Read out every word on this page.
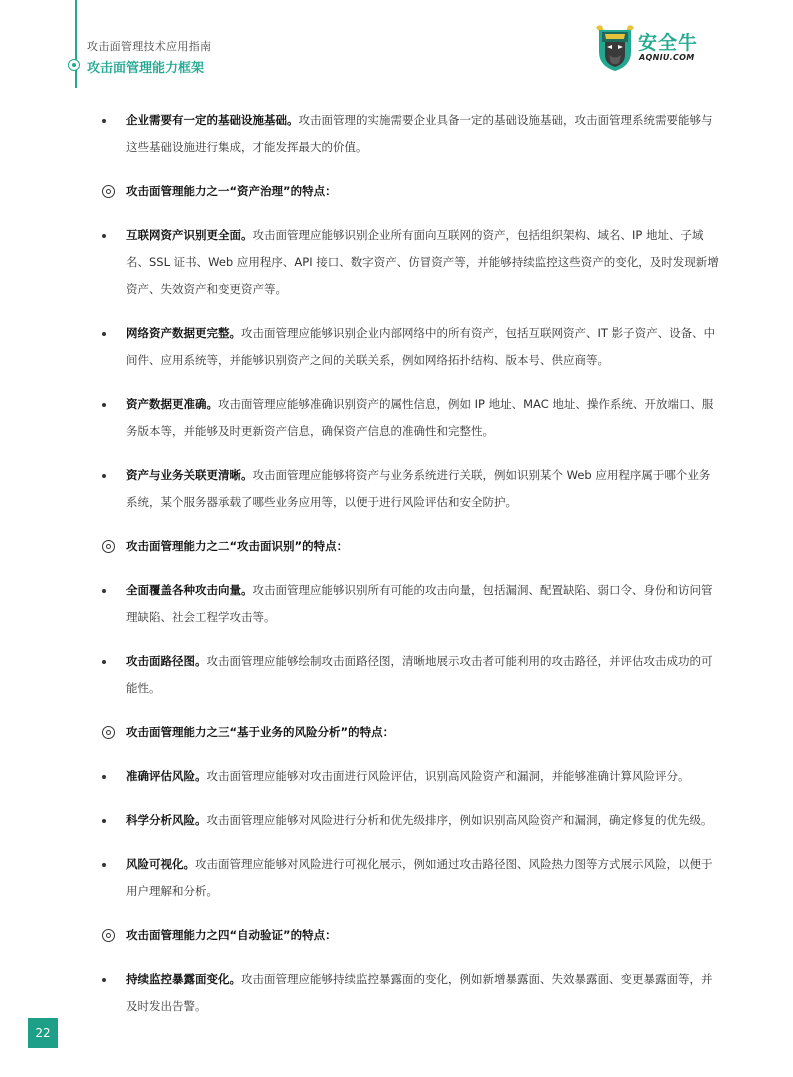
攻击面管理技术应用指南
攻击面管理能力框架
安全牛
AQNIU.COM
企业需要有一定的基础设施基础。攻击面管理的实施需要企业具备一定的基础设施基础，攻击面管理系统需要能够与这些基础设施进行集成，才能发挥最大的价值。
攻击面管理能力之一“资产治理”的特点：
互联网资产识别更全面。攻击面管理应能够识别企业所有面向互联网的资产，包括组织架构、域名、IP 地址、子域名、SSL 证书、Web 应用程序、API 接口、数字资产、仿冒资产等，并能够持续监控这些资产的变化，及时发现新增资产、失效资产和变更资产等。
网络资产数据更完整。攻击面管理应能够识别企业内部网络中的所有资产，包括互联网资产、IT 影子资产、设备、中间件、应用系统等，并能够识别资产之间的关联关系，例如网络拓扑结构、版本号、供应商等。
资产数据更准确。攻击面管理应能够准确识别资产的属性信息，例如 IP 地址、MAC 地址、操作系统、开放端口、服务版本等，并能够及时更新资产信息，确保资产信息的准确性和完整性。
资产与业务关联更清晰。攻击面管理应能够将资产与业务系统进行关联，例如识别某个 Web 应用程序属于哪个业务系统，某个服务器承载了哪些业务应用等，以便于进行风险评估和安全防护。
攻击面管理能力之二“攻击面识别”的特点：
全面覆盖各种攻击向量。攻击面管理应能够识别所有可能的攻击向量，包括漏洞、配置缺陷、弱口令、身份和访问管理缺陷、社会工程学攻击等。
攻击面路径图。攻击面管理应能够绘制攻击面路径图，清晰地展示攻击者可能利用的攻击路径，并评估攻击成功的可能性。
攻击面管理能力之三“基于业务的风险分析”的特点：
准确评估风险。攻击面管理应能够对攻击面进行风险评估，识别高风险资产和漏洞，并能够准确计算风险评分。
科学分析风险。攻击面管理应能够对风险进行分析和优先级排序，例如识别高风险资产和漏洞，确定修复的优先级。
风险可视化。攻击面管理应能够对风险进行可视化展示，例如通过攻击路径图、风险热力图等方式展示风险，以便于用户理解和分析。
攻击面管理能力之四“自动验证”的特点：
持续监控暴露面变化。攻击面管理应能够持续监控暴露面的变化，例如新增暴露面、失效暴露面、变更暴露面等，并及时发出告警。
22
